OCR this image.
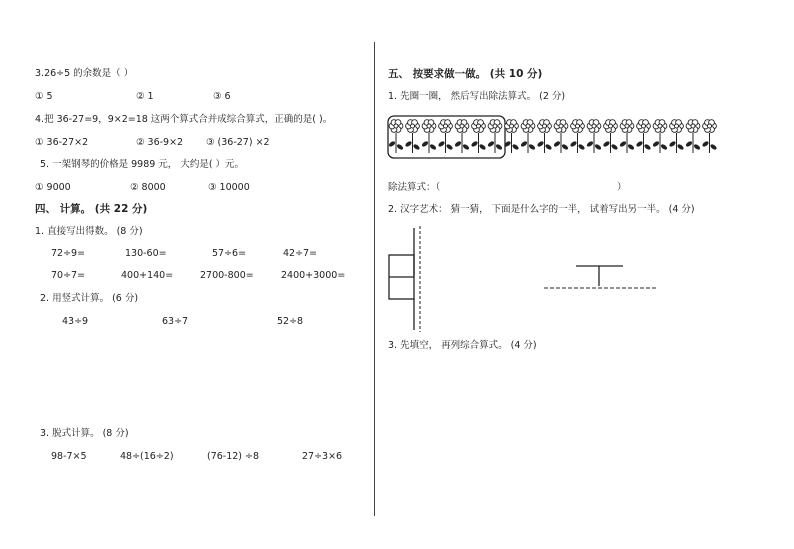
3.26÷5 的余数是（ ）
① 5	② 1	③ 6
4.把 36-27=9，9×2=18 这两个算式合并成综合算式，正确的是( )。
① 36-27×2	② 36-9×2 ③ (36-27) ×2
5. 一架钢琴的价格是 9989 元， 大约是( ）元。
① 9000	② 8000	③ 10000
四、 计算。 (共 22 分)
1. 直接写出得数。 (8 分)
72÷9=	130-60=	57÷6=	42÷7=
70÷7=	400+140=	2700-800=	2400+3000=
2. 用竖式计算。 (6 分)
43÷9	63÷7	52÷8
3. 脱式计算。 (8 分)
98-7×5	48÷(16÷2)	(76-12) ÷8	27÷3×6
五、 按要求做一做。 (共 10 分)
1. 先圈一圈， 然后写出除法算式。 (2 分)
除法算式：（	）
2. 汉字艺术： 猜一猜， 下面是什么字的一半， 试着写出另一半。 (4 分)
3. 先填空， 再列综合算式。 (4 分)
